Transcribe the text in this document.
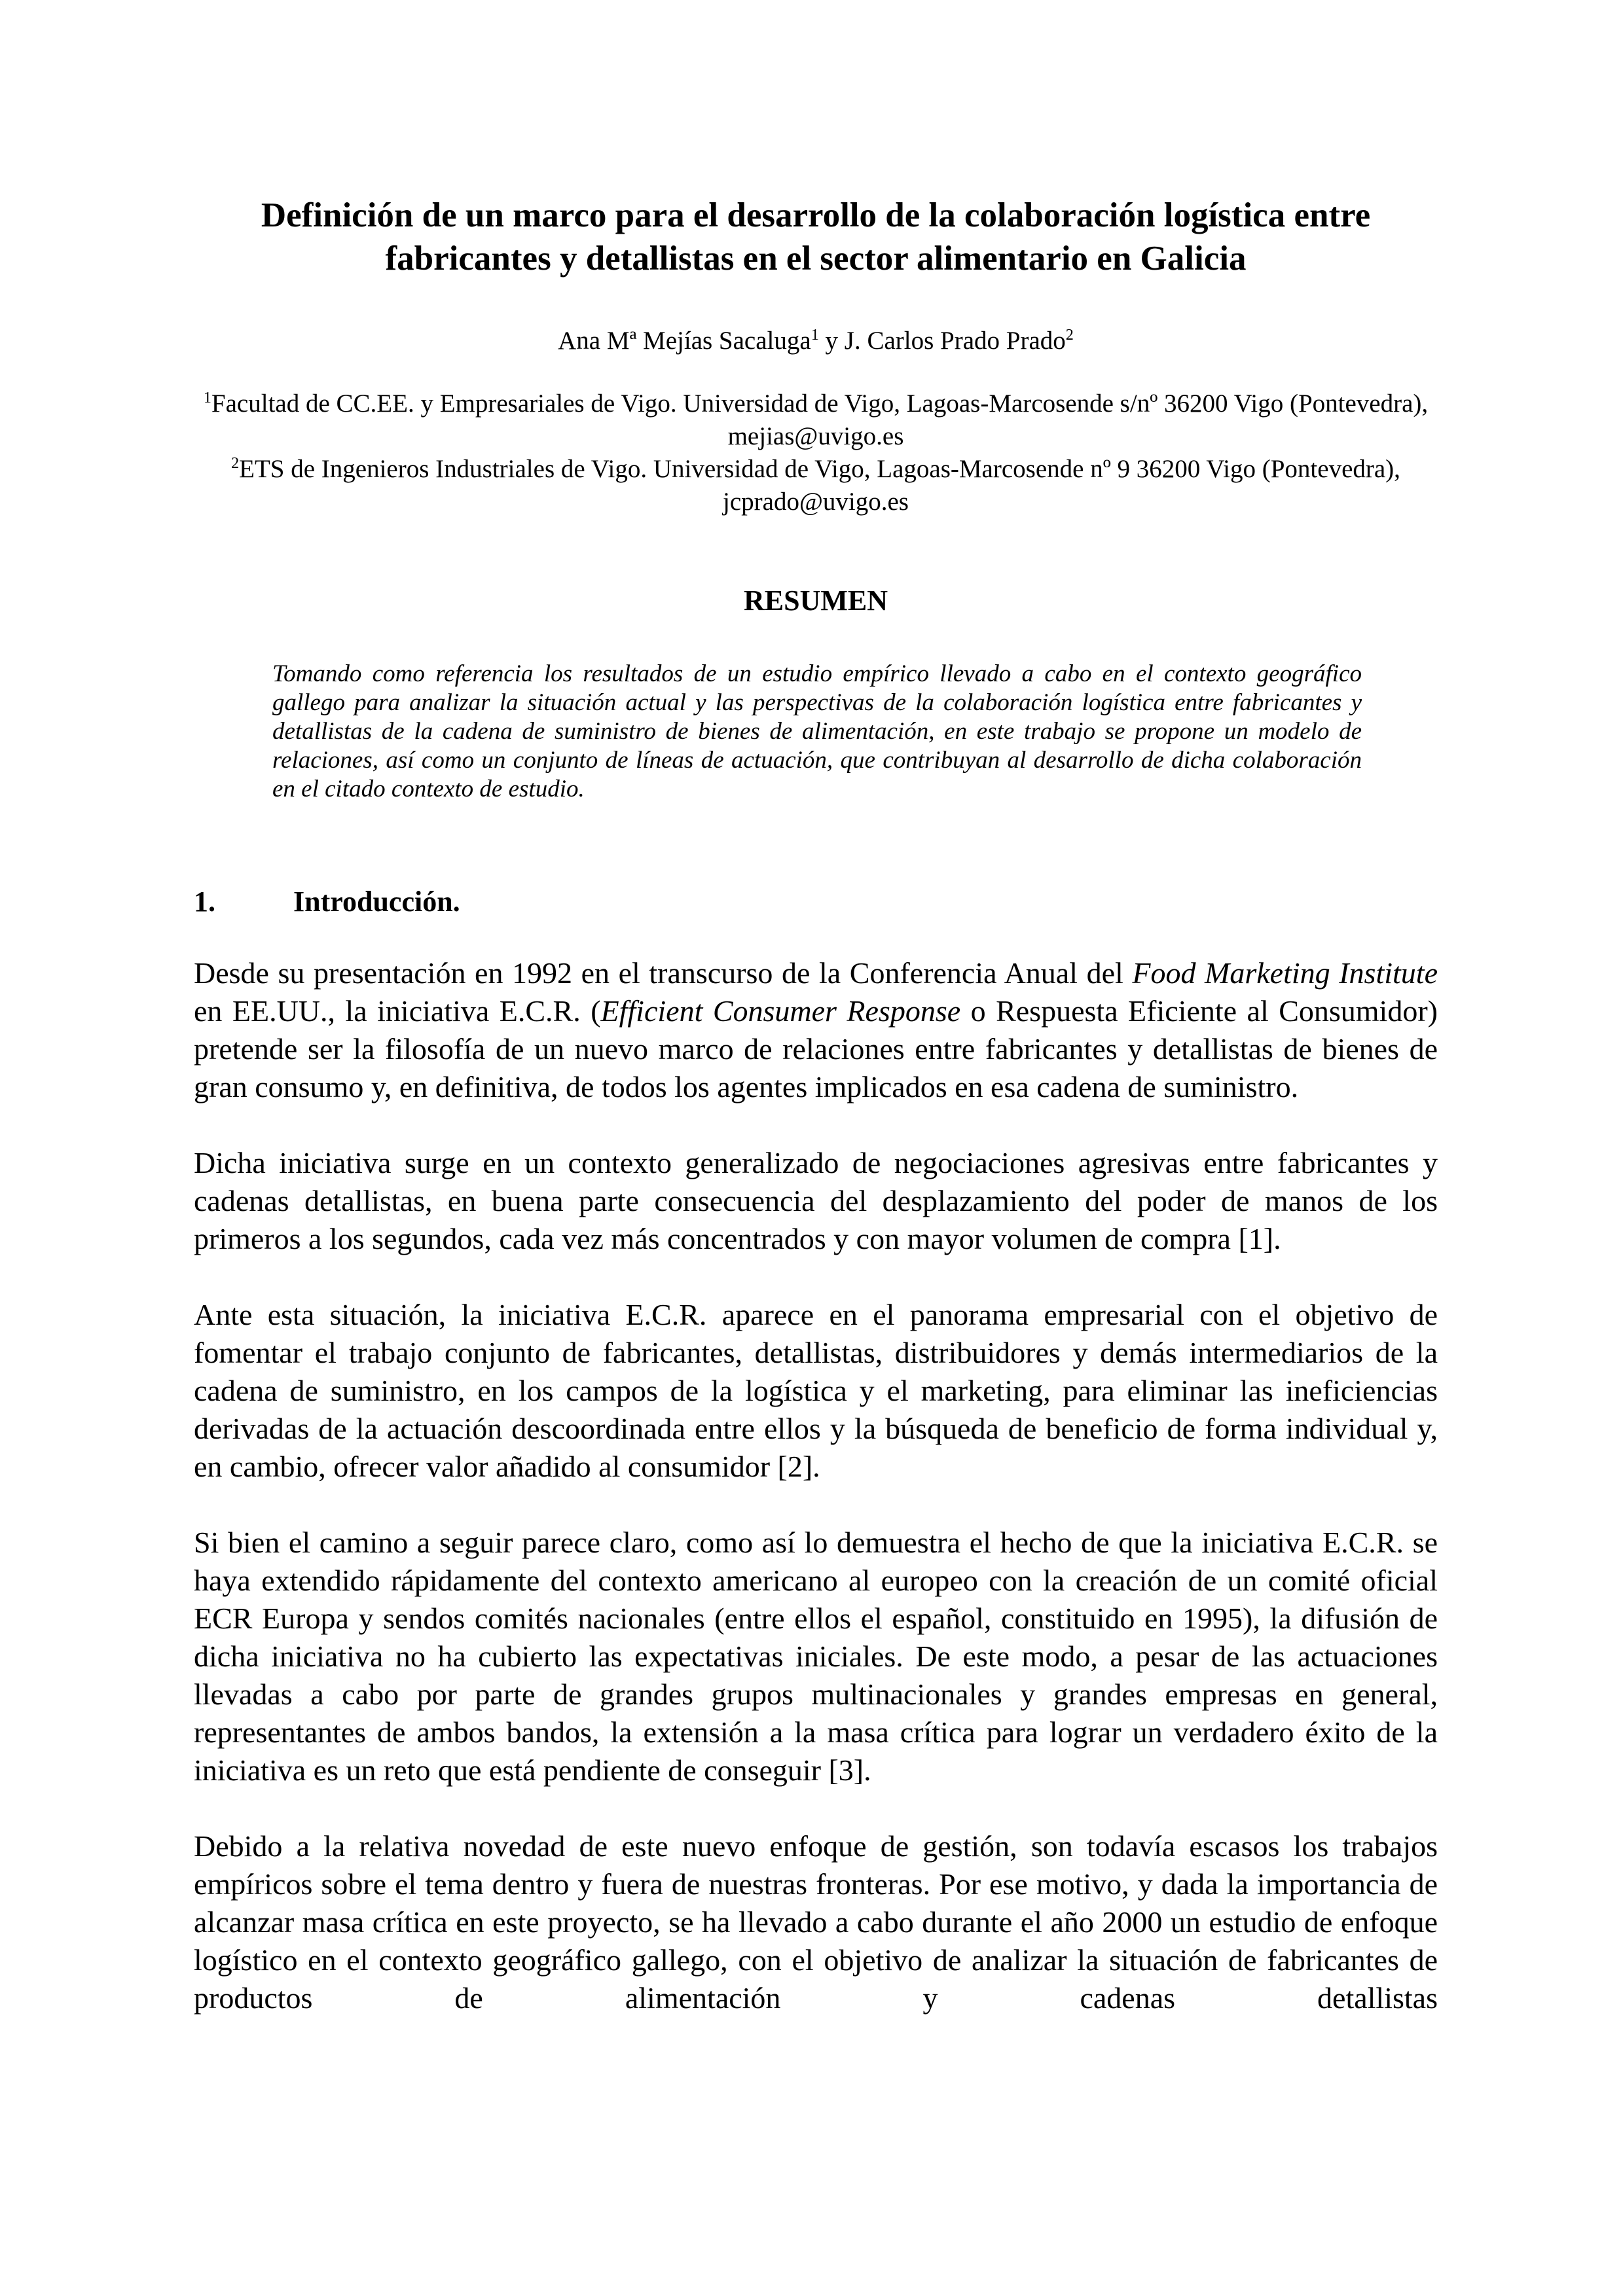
Definición de un marco para el desarrollo de la colaboración logística entre fabricantes y detallistas en el sector alimentario en Galicia
Ana Mª Mejías Sacaluga$^1$ y J. Carlos Prado Prado$^2$

$^1$Facultad de CC.EE. y Empresariales de Vigo. Universidad de Vigo, Lagoas-Marcosende s/nº 36200 Vigo (Pontevedra), mejias@uvigo.es

$^2$ETS de Ingenieros Industriales de Vigo. Universidad de Vigo, Lagoas-Marcosende nº 9 36200 Vigo (Pontevedra), jcprado@uvigo.es

RESUMEN
Tomando como referencia los resultados de un estudio empírico llevado a cabo en el contexto geográfico gallego para analizar la situación actual y las perspectivas de la colaboración logística entre fabricantes y detallistas de la cadena de suministro de bienes de alimentación, en este trabajo se propone un modelo de relaciones, así como un conjunto de líneas de actuación, que contribuyan al desarrollo de dicha colaboración en el citado contexto de estudio.
1.	Introducción.

Desde su presentación en 1992 en el transcurso de la Conferencia Anual del Food Marketing Institute en EE.UU., la iniciativa E.C.R. (Efficient Consumer Response o Respuesta Eficiente al Consumidor) pretende ser la filosofía de un nuevo marco de relaciones entre fabricantes y detallistas de bienes de gran consumo y, en definitiva, de todos los agentes implicados en esa cadena de suministro.

Dicha iniciativa surge en un contexto generalizado de negociaciones agresivas entre fabricantes y cadenas detallistas, en buena parte consecuencia del desplazamiento del poder de manos de los primeros a los segundos, cada vez más concentrados y con mayor volumen de compra [1].

Ante esta situación, la iniciativa E.C.R. aparece en el panorama empresarial con el objetivo de fomentar el trabajo conjunto de fabricantes, detallistas, distribuidores y demás intermediarios de la cadena de suministro, en los campos de la logística y el marketing, para eliminar las ineficiencias derivadas de la actuación descoordinada entre ellos y la búsqueda de beneficio de forma individual y, en cambio, ofrecer valor añadido al consumidor [2].

Si bien el camino a seguir parece claro, como así lo demuestra el hecho de que la iniciativa E.C.R. se haya extendido rápidamente del contexto americano al europeo con la creación de un comité oficial ECR Europa y sendos comités nacionales (entre ellos el español, constituido en 1995), la difusión de dicha iniciativa no ha cubierto las expectativas iniciales. De este modo, a pesar de las actuaciones llevadas a cabo por parte de grandes grupos multinacionales y grandes empresas en general, representantes de ambos bandos, la extensión a la masa crítica para lograr un verdadero éxito de la iniciativa es un reto que está pendiente de conseguir [3].

Debido a la relativa novedad de este nuevo enfoque de gestión, son todavía escasos los trabajos empíricos sobre el tema dentro y fuera de nuestras fronteras. Por ese motivo, y dada la importancia de alcanzar masa crítica en este proyecto, se ha llevado a cabo durante el año 2000 un estudio de enfoque logístico en el contexto geográfico gallego, con el objetivo de analizar la situación de fabricantes de productos de alimentación y cadenas detallistas
